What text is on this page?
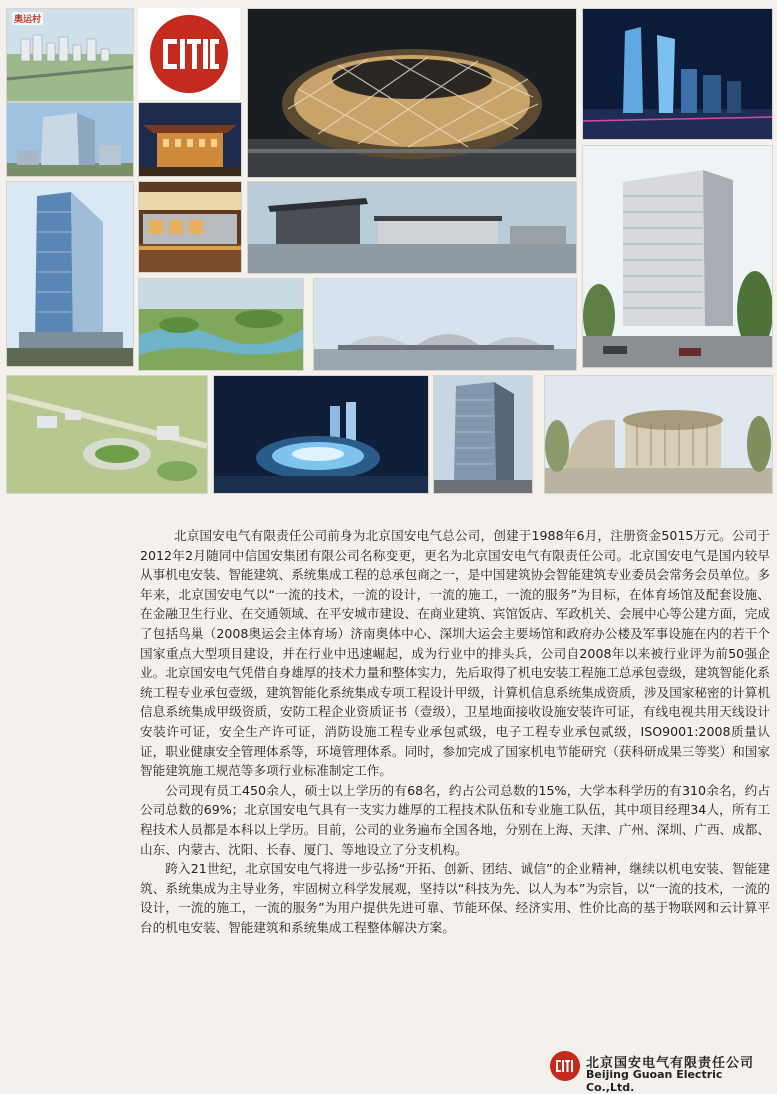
奥运村

北京国安电气有限责任公司前身为北京国安电气总公司，创建于1988年6月，注册资金5015万元。公司于2012年2月随同中信国安集团有限公司名称变更，更名为北京国安电气有限责任公司。北京国安电气是国内较早从事机电安装、智能建筑、系统集成工程的总承包商之一，是中国建筑协会智能建筑专业委员会常务会员单位。多年来，北京国安电气以“一流的技术，一流的设计，一流的施工，一流的服务”为目标，在体育场馆及配套设施、在金融卫生行业、在交通领域、在平安城市建设、在商业建筑、宾馆饭店、军政机关、会展中心等公建方面，完成了包括鸟巢（2008奥运会主体育场）济南奥体中心、深圳大运会主要场馆和政府办公楼及军事设施在内的若干个国家重点大型项目建设，并在行业中迅速崛起，成为行业中的排头兵，公司自2008年以来被行业评为前50强企业。北京国安电气凭借自身雄厚的技术力量和整体实力，先后取得了机电安装工程施工总承包壹级，建筑智能化系统工程专业承包壹级，建筑智能化系统集成专项工程设计甲级，计算机信息系统集成资质，涉及国家秘密的计算机信息系统集成甲级资质，安防工程企业资质证书（壹级），卫星地面接收设施安装许可证，有线电视共用天线设计安装许可证，安全生产许可证，消防设施工程专业承包贰级，电子工程专业承包贰级，ISO9001:2008质量认证，职业健康安全管理体系等，环境管理体系。同时，参加完成了国家机电节能研究（获科研成果三等奖）和国家智能建筑施工规范等多项行业标准制定工作。

公司现有员工450余人，硕士以上学历的有68名，约占公司总数的15%，大学本科学历的有310余名，约占公司总数的69%；北京国安电气具有一支实力雄厚的工程技术队伍和专业施工队伍，其中项目经理34人，所有工程技术人员都是本科以上学历。目前，公司的业务遍布全国各地，分别在上海、天津、广州、深圳、广西、成都、山东、内蒙古、沈阳、长春、厦门、等地设立了分支机构。

跨入21世纪，北京国安电气将进一步弘扬“开拓、创新、团结、诚信”的企业精神，继续以机电安装、智能建筑、系统集成为主导业务，牢固树立科学发展观，坚持以“科技为先、以人为本”为宗旨，以“一流的技术，一流的设计，一流的施工，一流的服务”为用户提供先进可靠、节能环保、经济实用、性价比高的基于物联网和云计算平台的机电安装、智能建筑和系统集成工程整体解决方案。

北京国安电气有限责任公司
Beijing Guoan Electric Co.,Ltd.
